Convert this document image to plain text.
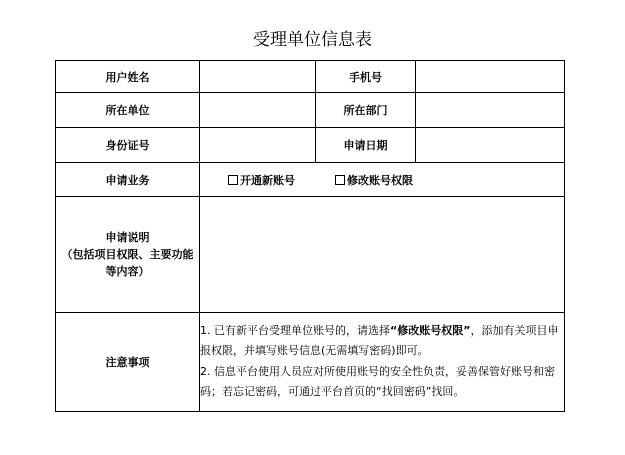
受理单位信息表
用户姓名		手机号	
所在单位		所在部门	
身份证号		申请日期	
申请业务	开通新账号 修改账号权限		

申请说明
（包括项目权限、主要功能
等内容）			

注意事项	1. 已有新平台受理单位账号的，请选择“修改账号权限”，添加有关项目申报权限，并填写账号信息(无需填写密码)即可。

2. 信息平台使用人员应对所使用账号的安全性负责，妥善保管好账号和密码；若忘记密码，可通过平台首页的“找回密码”找回。		
